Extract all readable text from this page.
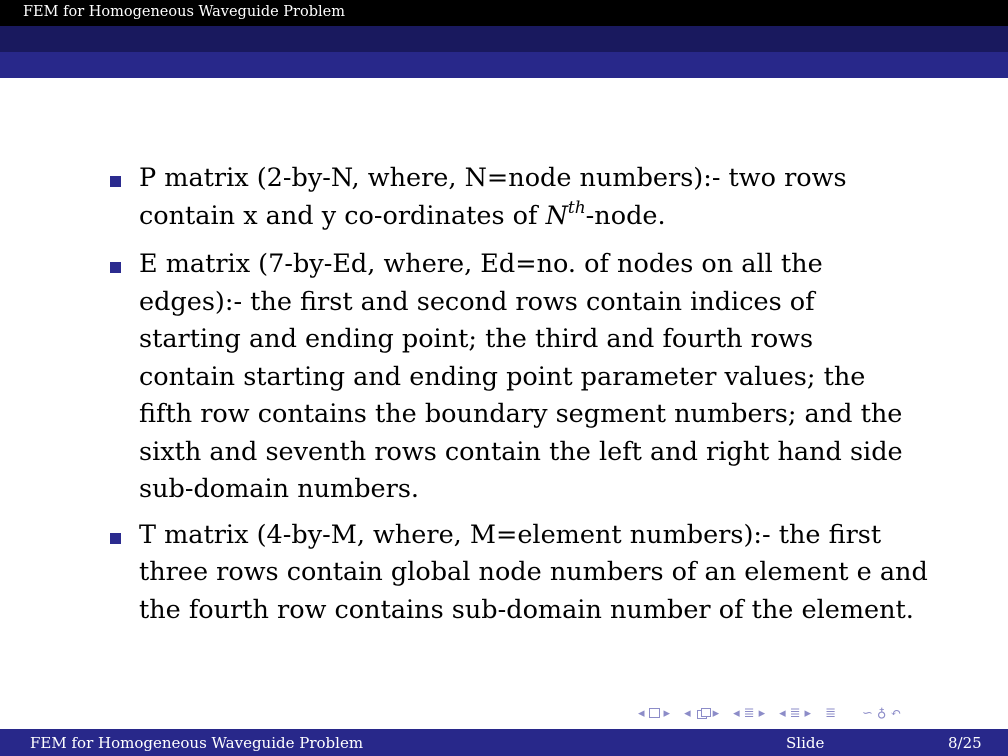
FEM for Homogeneous Waveguide Problem
P matrix (2-by-N, where, N=node numbers):- two rows
contain x and y co-ordinates of $N^{th}$-node.
E matrix (7-by-Ed, where, Ed=no. of nodes on all the
edges):- the first and second rows contain indices of
starting and ending point; the third and fourth rows
contain starting and ending point parameter values; the
fifth row contains the boundary segment numbers; and the
sixth and seventh rows contain the left and right hand side
sub-domain numbers.
T matrix (4-by-M, where, M=element numbers):- the first
three rows contain global node numbers of an element e and
the fourth row contains sub-domain number of the element.
◂ ▸ ◂ ▸ ◂ ≣ ▸ ◂ ≣ ▸ ≣ ∽ ♁ ↶
FEM for Homogeneous Waveguide Problem	Slide	8/25
